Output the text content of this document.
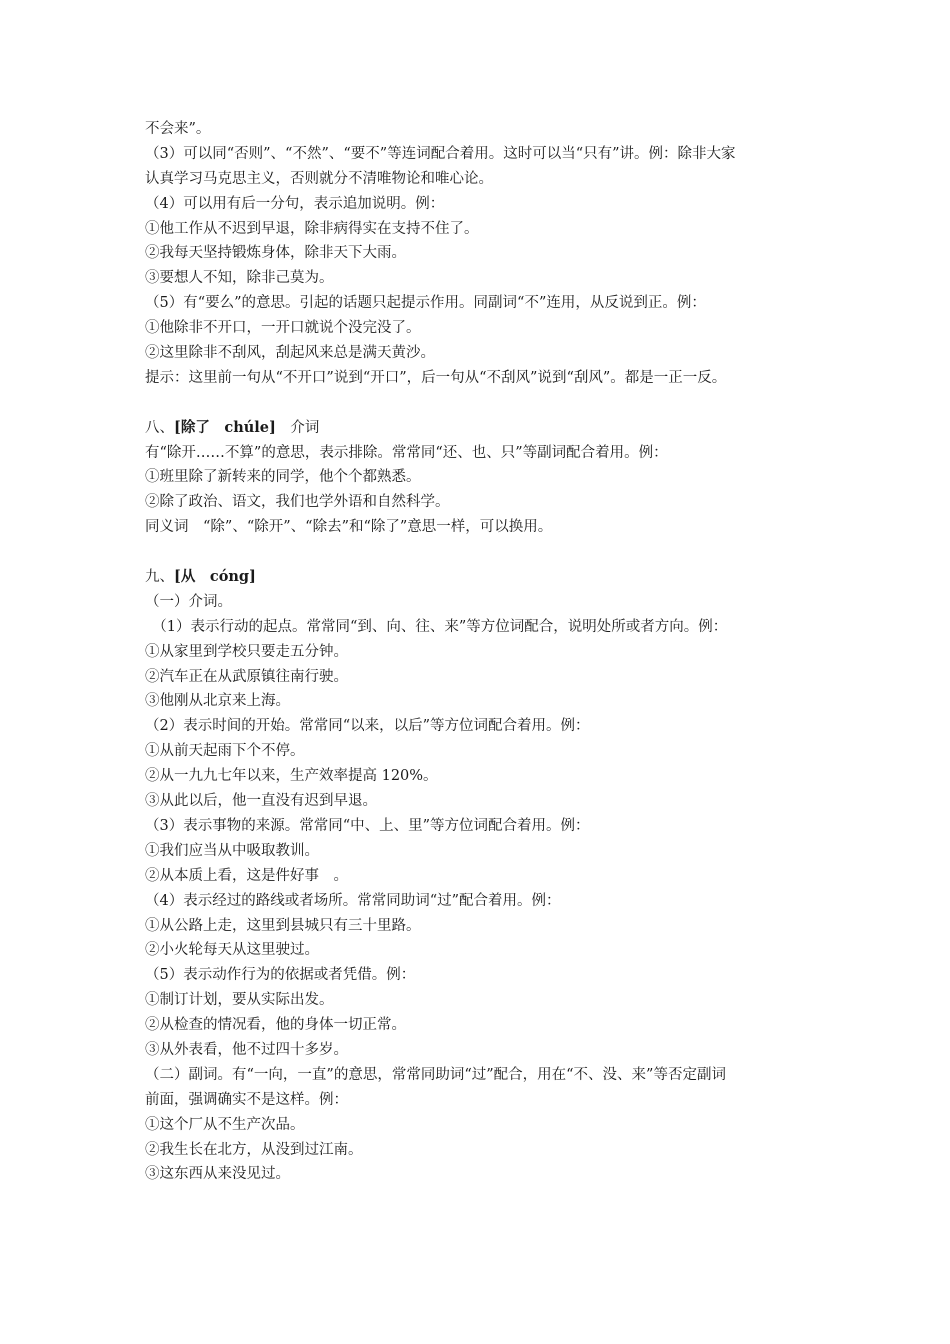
不会来”。
（3）可以同“否则”、“不然”、“要不”等连词配合着用。这时可以当“只有”讲。例：除非大家
认真学习马克思主义，否则就分不清唯物论和唯心论。
（4）可以用有后一分句，表示追加说明。例：
①他工作从不迟到早退，除非病得实在支持不住了。
②我每天坚持锻炼身体，除非天下大雨。
③要想人不知，除非己莫为。
（5）有“要么”的意思。引起的话题只起提示作用。同副词“不”连用，从反说到正。例：
①他除非不开口，一开口就说个没完没了。
②这里除非不刮风，刮起风来总是满天黄沙。
提示：这里前一句从“不开口”说到“开口”，后一句从“不刮风”说到“刮风”。都是一正一反。
八、[除了　chúle]　介词
有“除开……不算”的意思，表示排除。常常同“还、也、只”等副词配合着用。例：
①班里除了新转来的同学，他个个都熟悉。
②除了政治、语文，我们也学外语和自然科学。
同义词　“除”、“除开”、“除去”和“除了”意思一样，可以换用。
九、[从　cóng]
（一）介词。
　（1）表示行动的起点。常常同“到、向、往、来”等方位词配合，说明处所或者方向。例：
①从家里到学校只要走五分钟。
②汽车正在从武原镇往南行驶。
③他刚从北京来上海。
（2）表示时间的开始。常常同“以来，以后”等方位词配合着用。例：
①从前天起雨下个不停。
②从一九九七年以来，生产效率提高 120%。
③从此以后，他一直没有迟到早退。
（3）表示事物的来源。常常同“中、上、里”等方位词配合着用。例：
①我们应当从中吸取教训。
②从本质上看，这是件好事　。
（4）表示经过的路线或者场所。常常同助词“过”配合着用。例：
①从公路上走，这里到县城只有三十里路。
②小火轮每天从这里驶过。
（5）表示动作行为的依据或者凭借。例：
①制订计划，要从实际出发。
②从检查的情况看，他的身体一切正常。
③从外表看，他不过四十多岁。
（二）副词。有“一向，一直”的意思，常常同助词“过”配合，用在“不、没、来”等否定副词
前面，强调确实不是这样。例：
①这个厂从不生产次品。
②我生长在北方，从没到过江南。
③这东西从来没见过。
